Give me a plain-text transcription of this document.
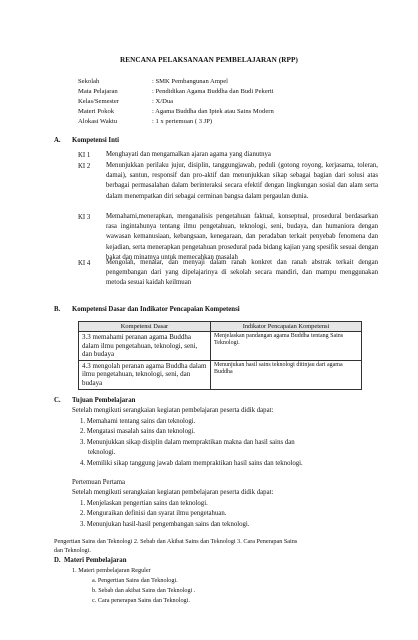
RENCANA PELAKSANAAN PEMBELAJARAN (RPP)
Sekolah	: SMK Pembangunan Ampel
Mata Pelajaran	: Pendidikan Agama Buddha dan Budi Pekerti
Kelas/Semester	: X/Dua
Materi Pokok	: Agama Buddha dan Iptek atau Sains Modern
Alokasi Waktu	: 1 x pertemuan ( 3 JP)
A. Kompetensi Inti
KI 1 Menghayati dan mengamalkan ajaran agama yang dianutnya
KI 2 Menunjukkan perilaku jujur, disiplin, tanggungjawab, peduli (gotong royong, kerjasama, toleran, damai), santun, responsif dan pro-aktif dan menunjukkan sikap sebagai bagian dari solusi atas berbagai permasalahan dalam berinteraksi secara efektif dengan lingkungan sosial dan alam serta dalam menempatkan diri sebagai cerminan bangsa dalam pergaulan dunia.
KI 3 Memahami,menerapkan, menganalisis pengetahuan faktual, konseptual, prosedural berdasarkan rasa ingintahunya tentang ilmu pengetahuan, teknologi, seni, budaya, dan humaniora dengan wawasan kemanusiaan, kebangsaan, kenegaraan, dan peradaban terkait penyebab fenomena dan kejadian, serta menerapkan pengetahuan prosedural pada bidang kajian yang spesifik sesuai dengan bakat dan minatnya untuk memecahkan masalah
KI 4 Mengolah, menalar, dan menyaji dalam ranah konkret dan ranah abstrak terkait dengan pengembangan dari yang dipelajarinya di sekolah secara mandiri, dan mampu menggunakan metoda sesuai kaidah keilmuan
B. Kompetensi Dasar dan Indikator Pencapaian Kompetensi
Kompetensi Dasar	Indikator Pencapaian Kompetensi
3.3 memahami peranan agama Buddha dalam ilmu pengetahuan, teknologi, seni, dan budaya	Menjelaskan pandangan agama Buddha tentang Sains Teknologi.
4.3 mengolah peranan agama Buddha dalam ilmu pengetahuan, teknologi, seni, dan budaya	Menunjukan hasil sains teknologi ditinjau dari agama Buddha
C. Tujuan Pembelajaran
Setelah mengikuti serangkaian kegiatan pembelajaran peserta didik dapat:
1. Memahami tentang sains dan teknologi.
2. Mengatasi masalah sains dan teknologi.
3. Menunjukkan sikap disiplin dalam mempraktikan makna dan hasil sains dan
teknologi.
4. Memiliki sikap tanggung jawab dalam mempraktikan hasil sains dan teknologi.
Pertemuan Pertama
Setelah mengikuti serangkaian kegiatan pembelajaran peserta didik dapat:
1. Menjelaskan pengertian sains dan teknologi.
2. Menguraikan definisi dan syarat ilmu pengetahuan.
3. Menunjukan hasil-hasil pengembangan sains dan teknologi.
Pengertian Sains dan Teknologi 2. Sebab dan Akibat Sains dan Teknologi 3. Cara Penerapan Sains
dan Teknologi.
D. Materi Pembelajaran
1. Materi pembelajaran Reguler
a. Pengertian Sains dan Teknologi.
b. Sebab dan akibat Sains dan Teknologi .
c. Cara penerapan Sains dan Teknologi.
